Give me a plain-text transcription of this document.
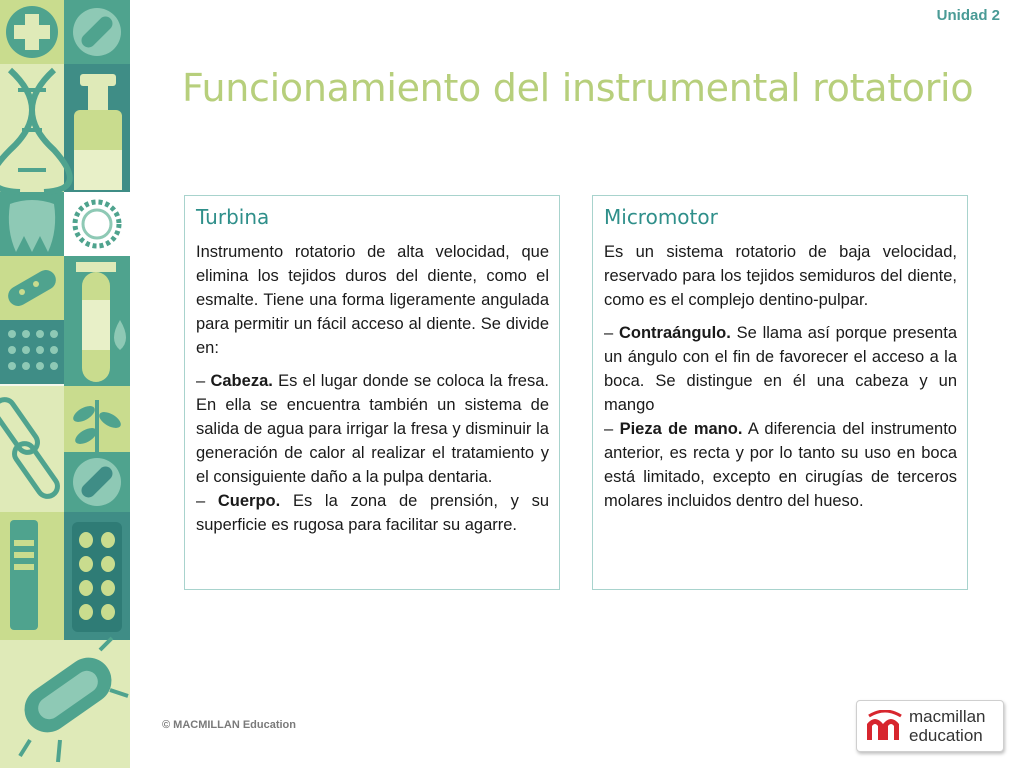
Unidad 2
Funcionamiento del instrumental rotatorio
Turbina

Instrumento rotatorio de alta velocidad, que elimina los tejidos duros del diente, como el esmalte. Tiene una forma ligeramente angulada para permitir un fácil acceso al diente. Se divide en:

– Cabeza. Es el lugar donde se coloca la fresa. En ella se encuentra también un sistema de salida de agua para irrigar la fresa y disminuir la generación de calor al realizar el tratamiento y el consiguiente daño a la pulpa dentaria.

– Cuerpo. Es la zona de prensión, y su superficie es rugosa para facilitar su agarre.

Micromotor

Es un sistema rotatorio de baja velocidad, reservado para los tejidos semiduros del diente, como es el complejo dentino-pulpar.

– Contraángulo. Se llama así porque presenta un ángulo con el fin de favorecer el acceso a la boca. Se distingue en él una cabeza y un mango

– Pieza de mano. A diferencia del instrumento anterior, es recta y por lo tanto su uso en boca está limitado, excepto en cirugías de terceros molares incluidos dentro del hueso.

© MACMILLAN Education	macmillan
education
